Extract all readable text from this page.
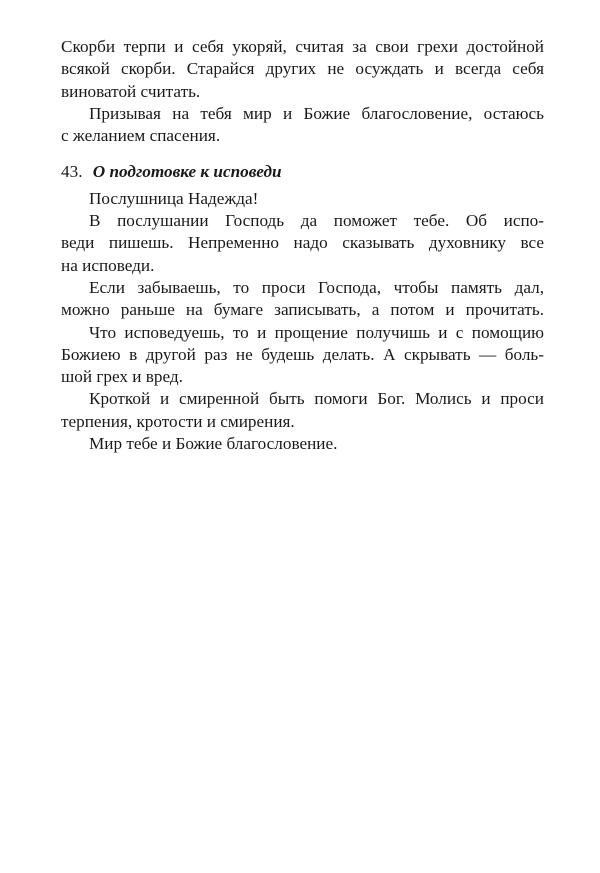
Скорби терпи и себя укоряй, считая за свои грехи достойной
всякой скорби. Старайся других не осуждать и всегда себя
виноватой считать.
Призывая на тебя мир и Божие благословение, остаюсь
с желанием спасения.
43. О подготовке к исповеди
Послушница Надежда!
В послушании Господь да поможет тебе. Об испо-
веди пишешь. Непременно надо сказывать духовнику все
на исповеди.
Если забываешь, то проси Господа, чтобы память дал,
можно раньше на бумаге записывать, а потом и прочитать.
Что исповедуешь, то и прощение получишь и с помощию
Божиею в другой раз не будешь делать. А скрывать — боль-
шой грех и вред.
Кроткой и смиренной быть помоги Бог. Молись и проси
терпения, кротости и смирения.
Мир тебе и Божие благословение.
